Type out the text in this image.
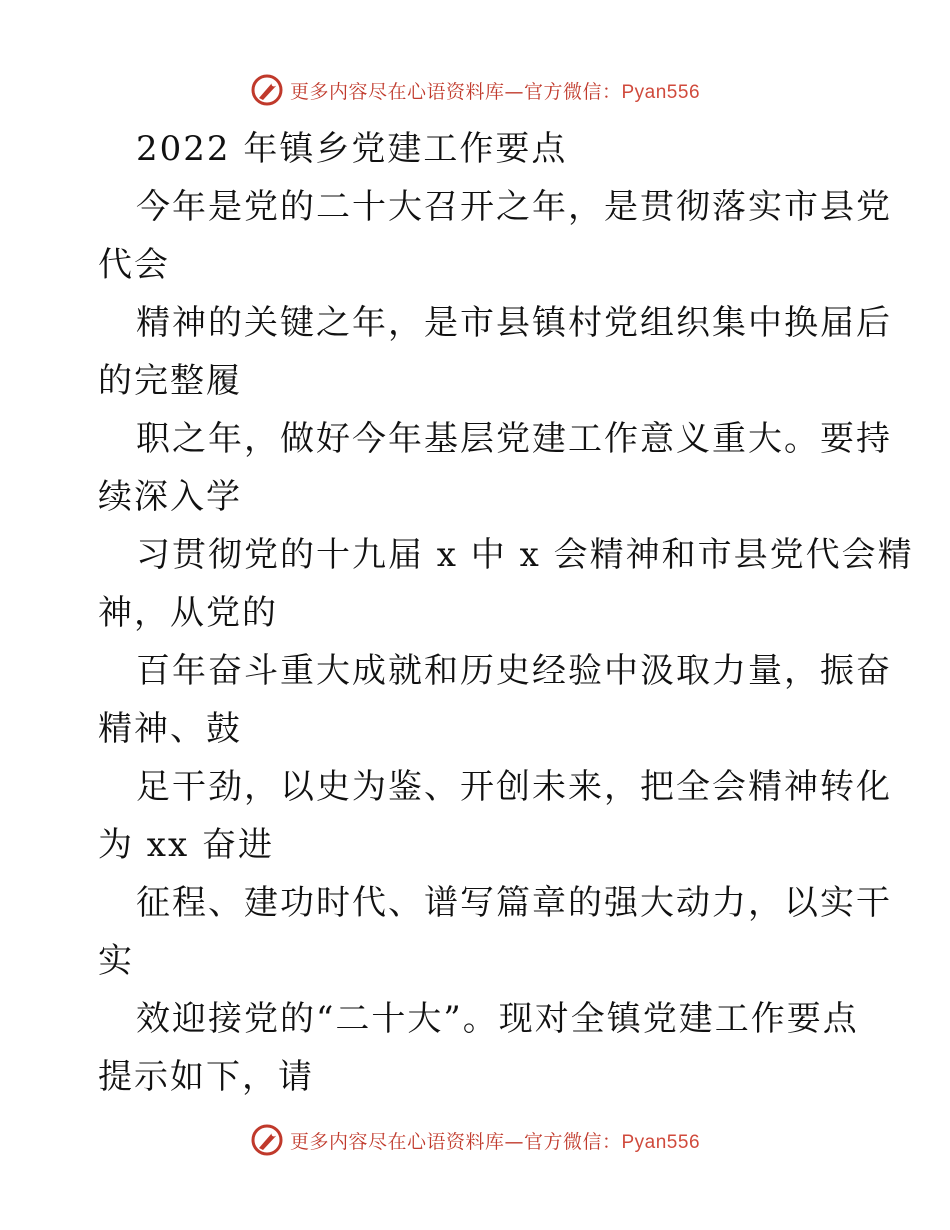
更多内容尽在心语资料库—官方微信：Pyan556
2022 年镇乡党建工作要点
今年是党的二十大召开之年，是贯彻落实市县党
代会
精神的关键之年，是市县镇村党组织集中换届后
的完整履
职之年，做好今年基层党建工作意义重大。要持
续深入学
习贯彻党的十九届 x 中 x 会精神和市县党代会精
神，从党的
百年奋斗重大成就和历史经验中汲取力量，振奋
精神、鼓
足干劲，以史为鉴、开创未来，把全会精神转化
为 xx 奋进
征程、建功时代、谱写篇章的强大动力，以实干
实
效迎接党的“二十大”。现对全镇党建工作要点
提示如下，请
更多内容尽在心语资料库—官方微信：Pyan556
